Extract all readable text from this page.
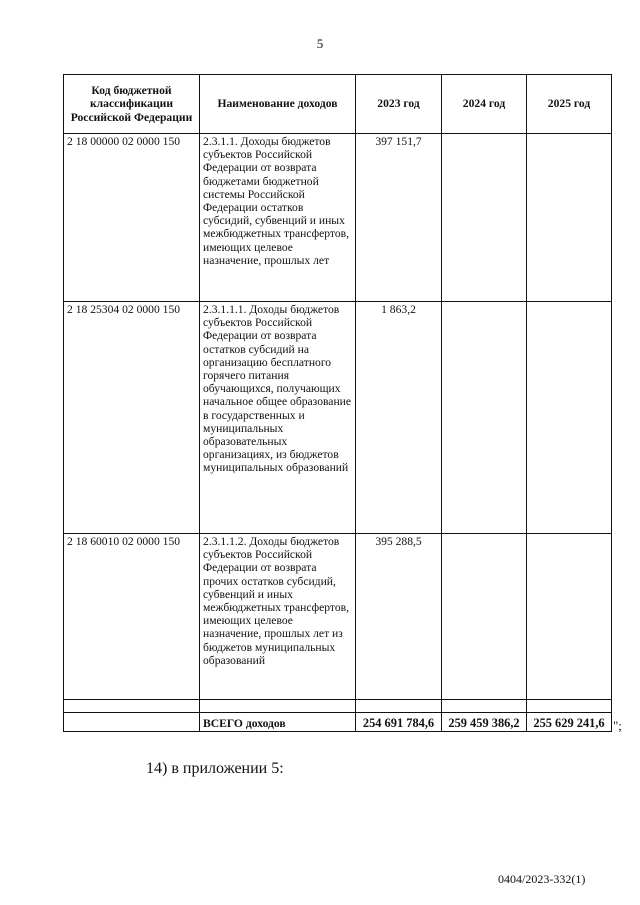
5
Код бюджетной классификации Российской Федерации	Наименование доходов	2023 год	2024 год	2025 год
2 18 00000 02 0000 150	2.3.1.1. Доходы бюджетов субъектов Российской Федерации от возврата бюджетами бюджетной системы Российской Федерации остатков субсидий, субвенций и иных межбюджетных трансфертов, имеющих целевое назначение, прошлых лет	397 151,7		
2 18 25304 02 0000 150	2.3.1.1.1. Доходы бюджетов субъектов Российской Федерации от возврата остатков субсидий на организацию бесплатного горячего питания обучающихся, получающих начальное общее образование в государственных и муниципальных образовательных организациях, из бюджетов муниципальных образований	1 863,2		
2 18 60010 02 0000 150	2.3.1.1.2. Доходы бюджетов субъектов Российской Федерации от возврата прочих остатков субсидий, субвенций и иных межбюджетных трансфертов, имеющих целевое назначение, прошлых лет из бюджетов муниципальных образований	395 288,5		

	ВСЕГО доходов	254 691 784,6	259 459 386,2	255 629 241,6 ";
14) в приложении 5:
0404/2023-332(1)
